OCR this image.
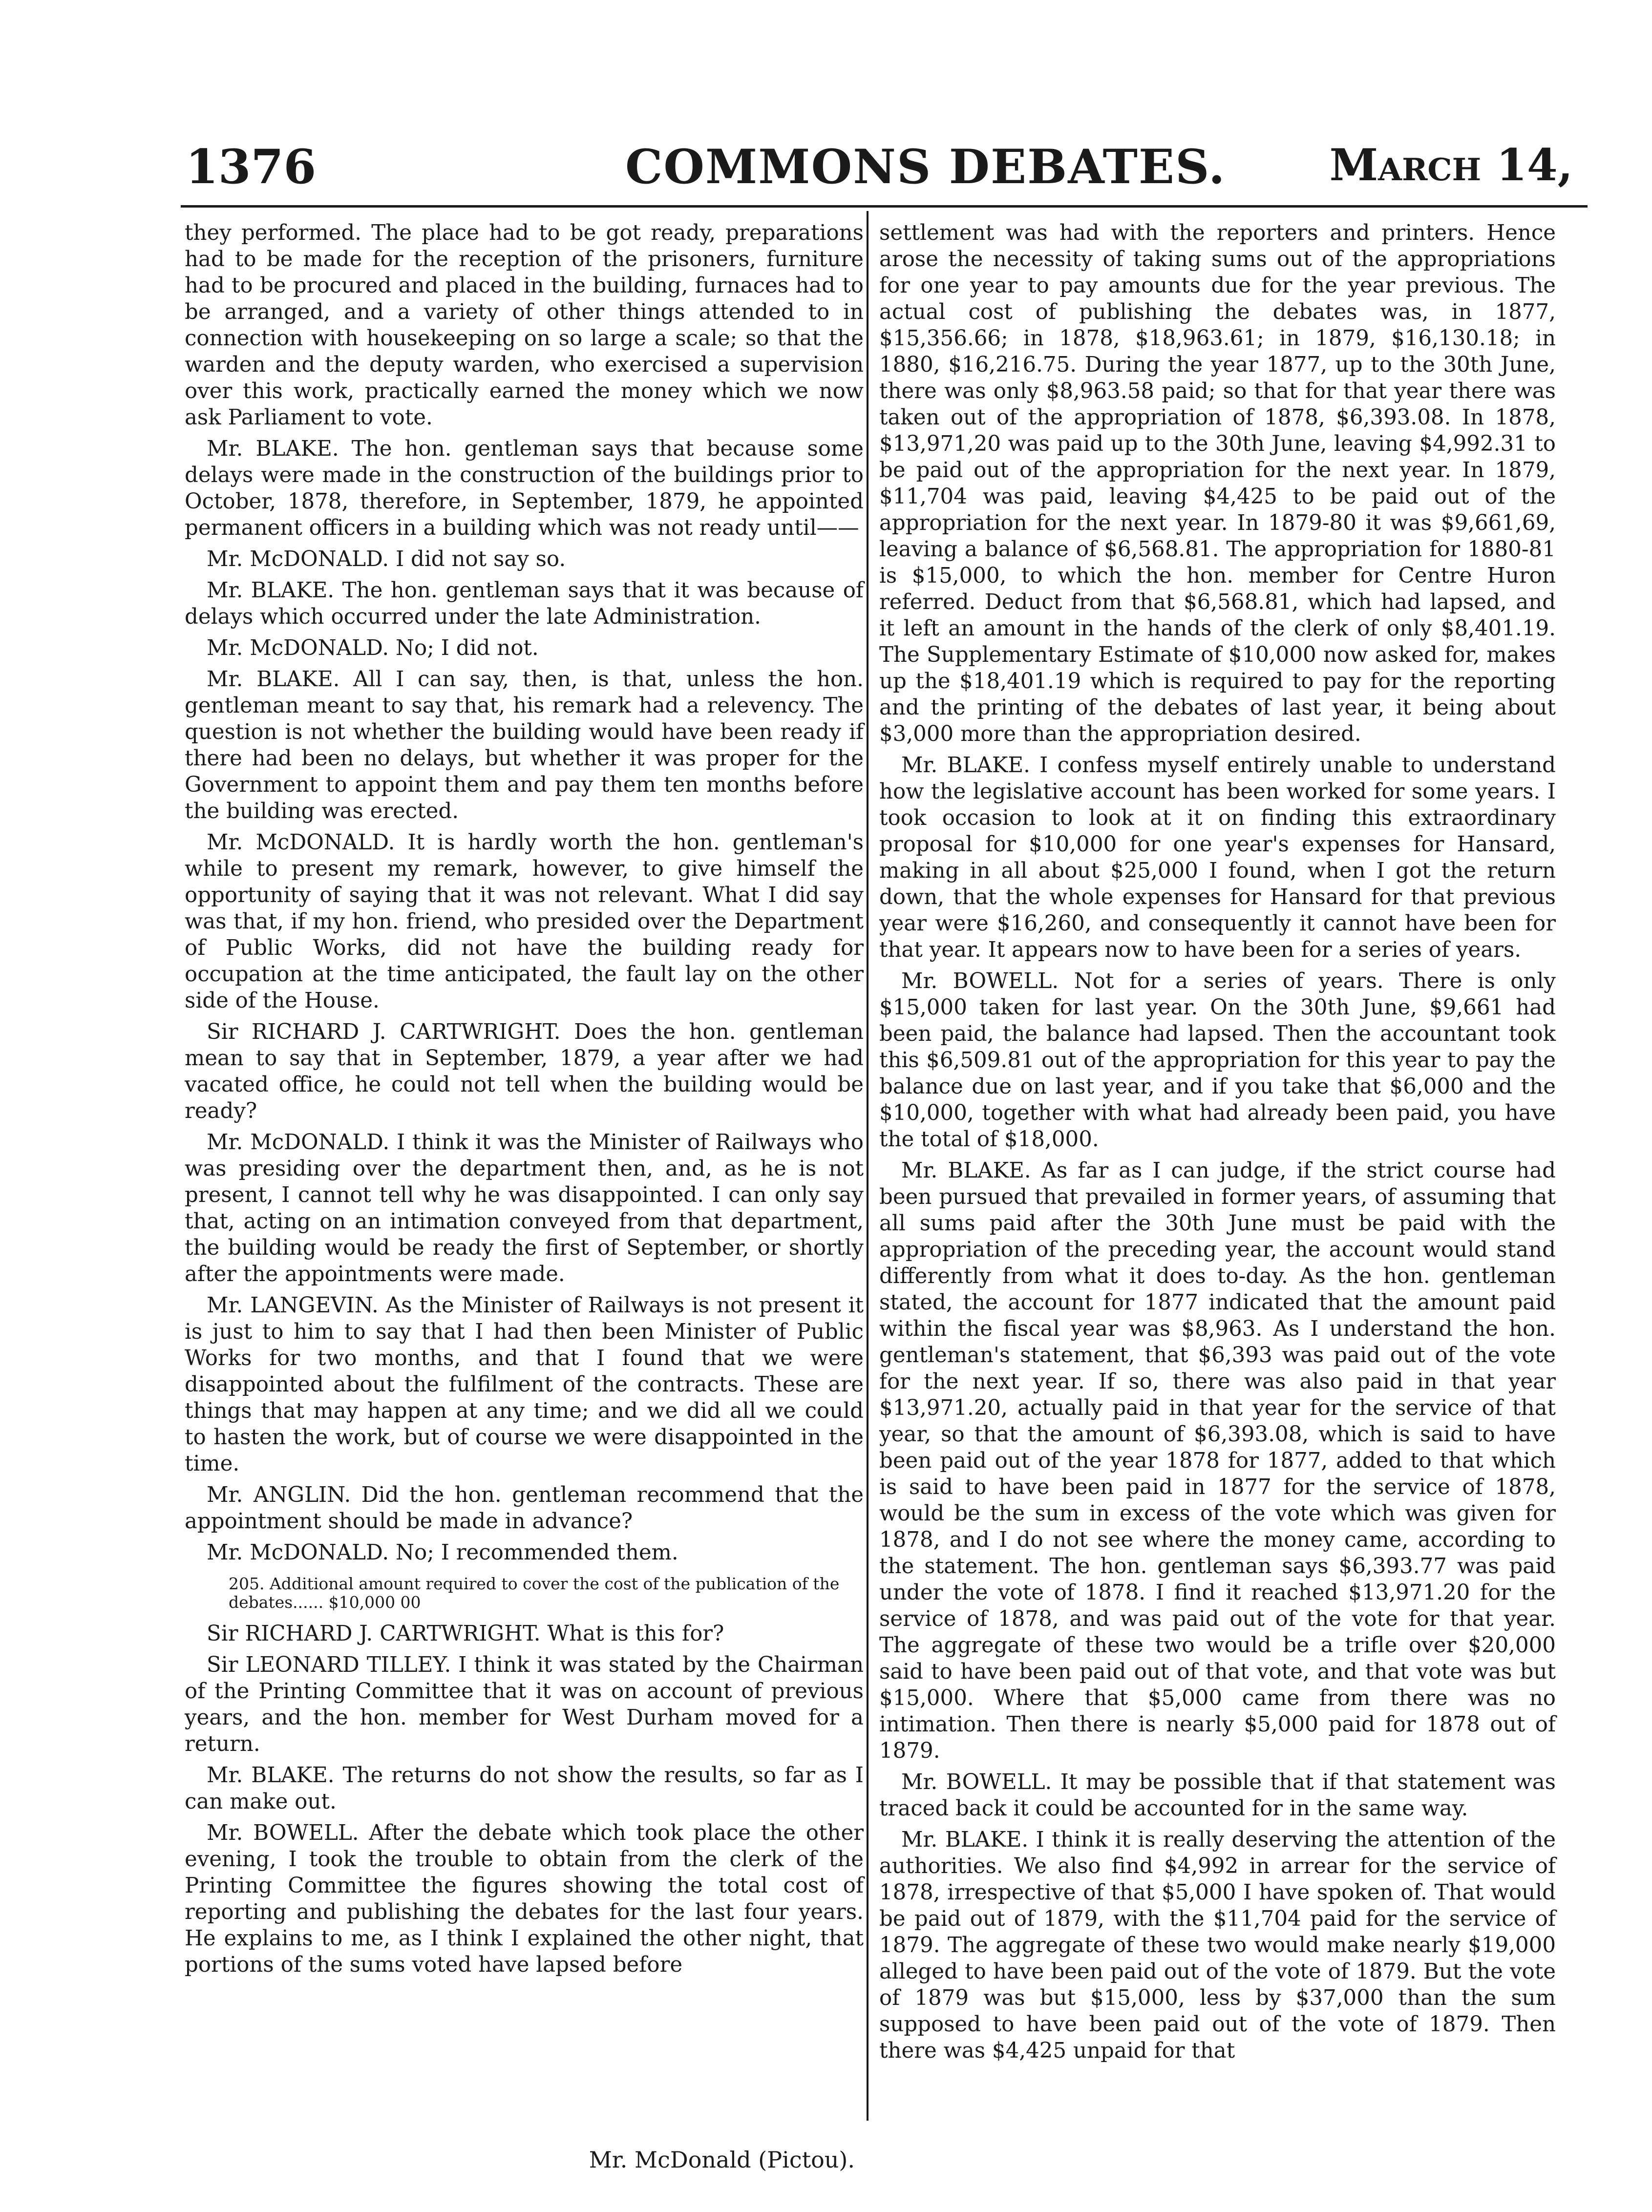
1376	COMMONS DEBATES. March 14,

they performed. The place had to be got ready, preparations had to be made for the reception of the prisoners, furniture had to be procured and placed in the building, furnaces had to be arranged, and a variety of other things attended to in connection with housekeeping on so large a scale; so that the warden and the deputy warden, who exercised a supervision over this work, practically earned the money which we now ask Parliament to vote.

Mr. BLAKE. The hon. gentleman says that because some delays were made in the construction of the buildings prior to October, 1878, therefore, in September, 1879, he appointed permanent officers in a building which was not ready until——

Mr. McDONALD. I did not say so.

Mr. BLAKE. The hon. gentleman says that it was because of delays which occurred under the late Administration.

Mr. McDONALD. No; I did not.

Mr. BLAKE. All I can say, then, is that, unless the hon. gentleman meant to say that, his remark had a relevency. The question is not whether the building would have been ready if there had been no delays, but whether it was proper for the Government to appoint them and pay them ten months before the building was erected.

Mr. McDONALD. It is hardly worth the hon. gentleman's while to present my remark, however, to give himself the opportunity of saying that it was not relevant. What I did say was that, if my hon. friend, who presided over the Department of Public Works, did not have the building ready for occupation at the time anticipated, the fault lay on the other side of the House.

Sir RICHARD J. CARTWRIGHT. Does the hon. gentleman mean to say that in September, 1879, a year after we had vacated office, he could not tell when the building would be ready?

Mr. McDONALD. I think it was the Minister of Railways who was presiding over the department then, and, as he is not present, I cannot tell why he was disappointed. I can only say that, acting on an intimation conveyed from that department, the building would be ready the first of September, or shortly after the appointments were made.

Mr. LANGEVIN. As the Minister of Railways is not present it is just to him to say that I had then been Minister of Public Works for two months, and that I found that we were disappointed about the fulfilment of the contracts. These are things that may happen at any time; and we did all we could to hasten the work, but of course we were disappointed in the time.

Mr. ANGLIN. Did the hon. gentleman recommend that the appointment should be made in advance?

Mr. McDONALD. No; I recommended them.

205. Additional amount required to cover the cost of the publication of the debates...... $10,000 00

Sir RICHARD J. CARTWRIGHT. What is this for?

Sir LEONARD TILLEY. I think it was stated by the Chairman of the Printing Committee that it was on account of previous years, and the hon. member for West Durham moved for a return.

Mr. BLAKE. The returns do not show the results, so far as I can make out.

Mr. BOWELL. After the debate which took place the other evening, I took the trouble to obtain from the clerk of the Printing Committee the figures showing the total cost of reporting and publishing the debates for the last four years. He explains to me, as I think I explained the other night, that portions of the sums voted have lapsed before

settlement was had with the reporters and printers. Hence arose the necessity of taking sums out of the appropriations for one year to pay amounts due for the year previous. The actual cost of publishing the debates was, in 1877, $15,356.66; in 1878, $18,963.61; in 1879, $16,130.18; in 1880, $16,216.75. During the year 1877, up to the 30th June, there was only $8,963.58 paid; so that for that year there was taken out of the appropriation of 1878, $6,393.08. In 1878, $13,971,20 was paid up to the 30th June, leaving $4,992.31 to be paid out of the appropriation for the next year. In 1879, $11,704 was paid, leaving $4,425 to be paid out of the appropriation for the next year. In 1879-80 it was $9,661,69, leaving a balance of $6,568.81. The appropriation for 1880-81 is $15,000, to which the hon. member for Centre Huron referred. Deduct from that $6,568.81, which had lapsed, and it left an amount in the hands of the clerk of only $8,401.19. The Supplementary Estimate of $10,000 now asked for, makes up the $18,401.19 which is required to pay for the reporting and the printing of the debates of last year, it being about $3,000 more than the appropriation desired.

Mr. BLAKE. I confess myself entirely unable to understand how the legislative account has been worked for some years. I took occasion to look at it on finding this extraordinary proposal for $10,000 for one year's expenses for Hansard, making in all about $25,000 I found, when I got the return down, that the whole expenses for Hansard for that previous year were $16,260, and consequently it cannot have been for that year. It appears now to have been for a series of years.

Mr. BOWELL. Not for a series of years. There is only $15,000 taken for last year. On the 30th June, $9,661 had been paid, the balance had lapsed. Then the accountant took this $6,509.81 out of the appropriation for this year to pay the balance due on last year, and if you take that $6,000 and the $10,000, together with what had already been paid, you have the total of $18,000.

Mr. BLAKE. As far as I can judge, if the strict course had been pursued that prevailed in former years, of assuming that all sums paid after the 30th June must be paid with the appropriation of the preceding year, the account would stand differently from what it does to-day. As the hon. gentleman stated, the account for 1877 indicated that the amount paid within the fiscal year was $8,963. As I understand the hon. gentleman's statement, that $6,393 was paid out of the vote for the next year. If so, there was also paid in that year $13,971.20, actually paid in that year for the service of that year, so that the amount of $6,393.08, which is said to have been paid out of the year 1878 for 1877, added to that which is said to have been paid in 1877 for the service of 1878, would be the sum in excess of the vote which was given for 1878, and I do not see where the money came, according to the statement. The hon. gentleman says $6,393.77 was paid under the vote of 1878. I find it reached $13,971.20 for the service of 1878, and was paid out of the vote for that year. The aggregate of these two would be a trifle over $20,000 said to have been paid out of that vote, and that vote was but $15,000. Where that $5,000 came from there was no intimation. Then there is nearly $5,000 paid for 1878 out of 1879.

Mr. BOWELL. It may be possible that if that statement was traced back it could be accounted for in the same way.

Mr. BLAKE. I think it is really deserving the attention of the authorities. We also find $4,992 in arrear for the service of 1878, irrespective of that $5,000 I have spoken of. That would be paid out of 1879, with the $11,704 paid for the service of 1879. The aggregate of these two would make nearly $19,000 alleged to have been paid out of the vote of 1879. But the vote of 1879 was but $15,000, less by $37,000 than the sum supposed to have been paid out of the vote of 1879. Then there was $4,425 unpaid for that

Mr. McDonald (Pictou).
